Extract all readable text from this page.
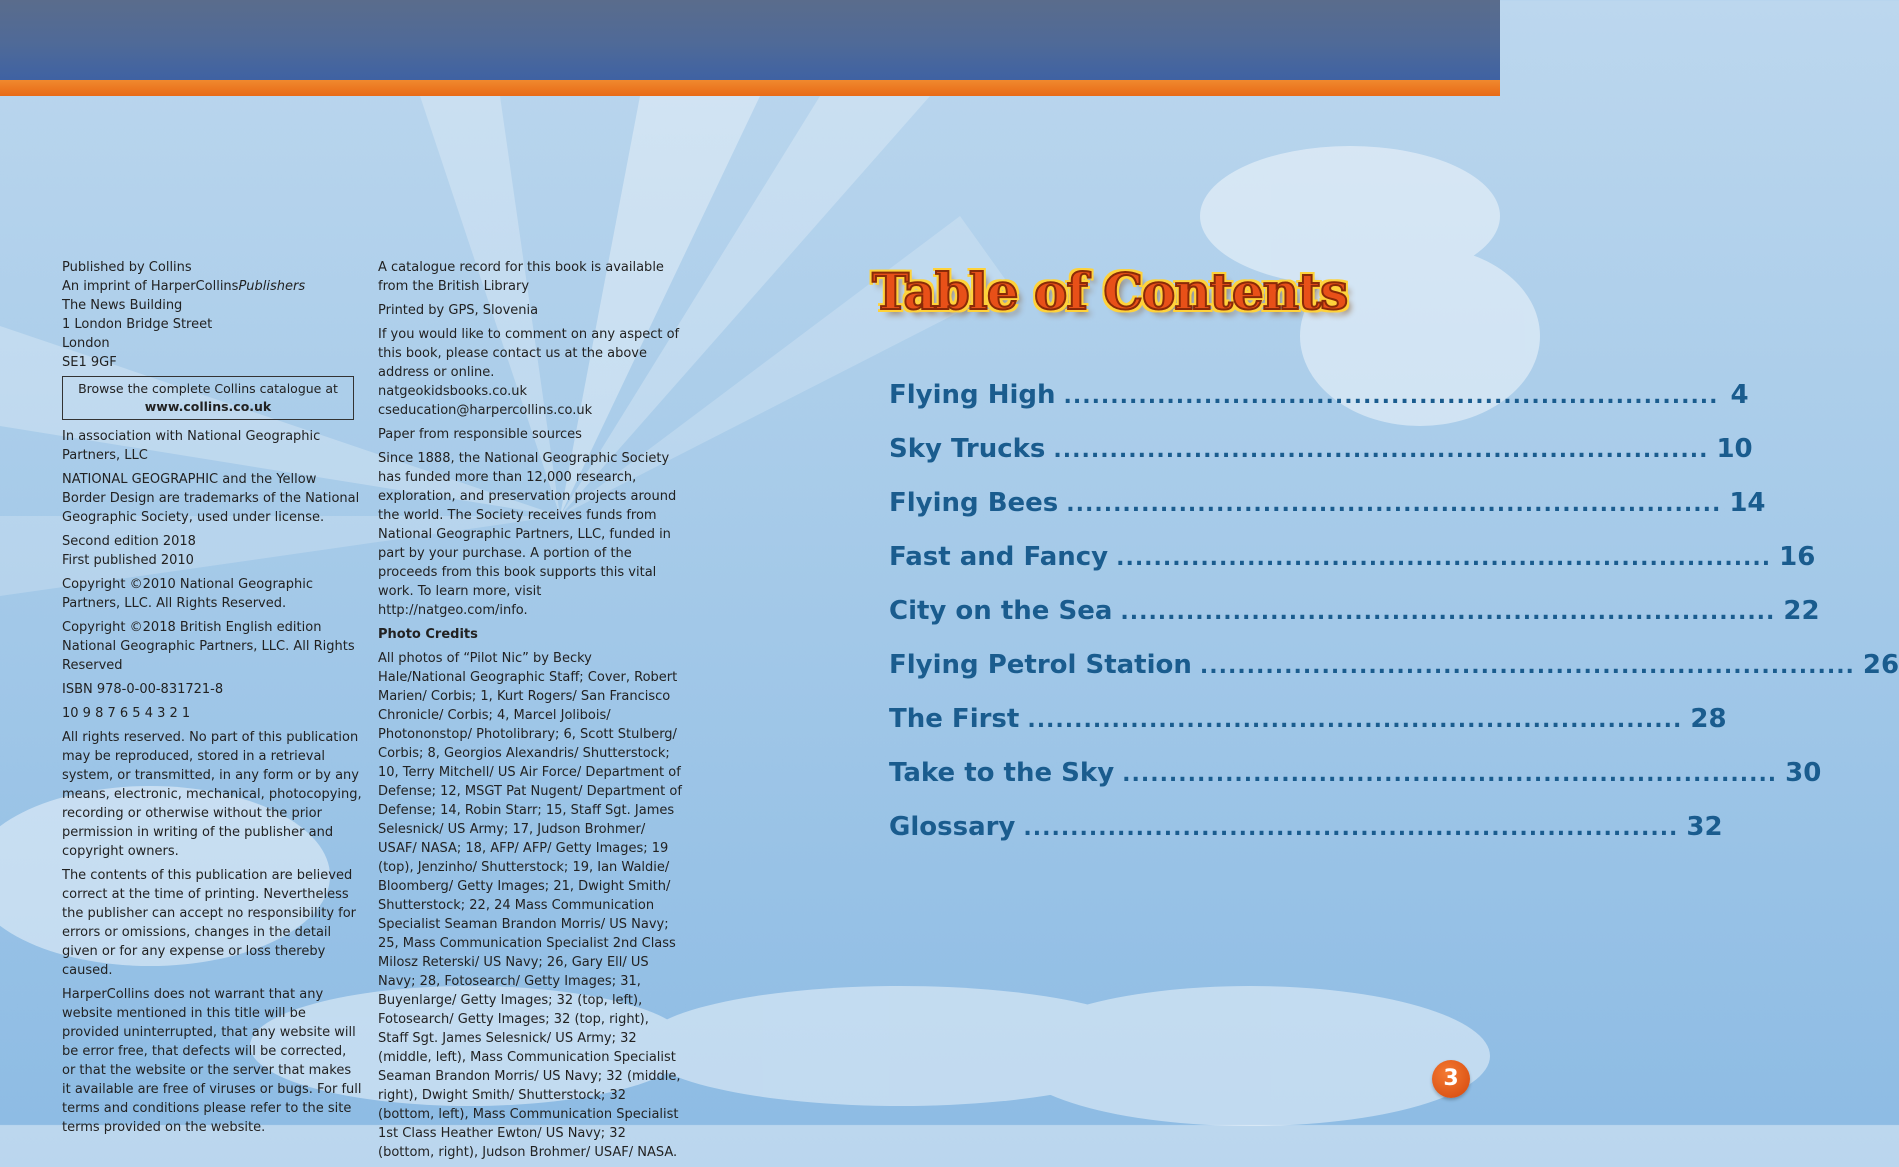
Published by Collins

An imprint of HarperCollinsPublishers

The News Building

1 London Bridge Street

London

SE1 9GF

Browse the complete Collins catalogue at
www.collins.co.uk

In association with National Geographic Partners, LLC

NATIONAL GEOGRAPHIC and the Yellow Border Design are trademarks of the National Geographic Society, used under license.

Second edition 2018
First published 2010

Copyright ©2010 National Geographic Partners, LLC. All Rights Reserved.

Copyright ©2018 British English edition National Geographic Partners, LLC. All Rights Reserved

ISBN 978-0-00-831721-8

10 9 8 7 6 5 4 3 2 1

All rights reserved. No part of this publication may be reproduced, stored in a retrieval system, or transmitted, in any form or by any means, electronic, mechanical, photocopying, recording or otherwise without the prior permission in writing of the publisher and copyright owners.

The contents of this publication are believed correct at the time of printing. Nevertheless the publisher can accept no responsibility for errors or omissions, changes in the detail given or for any expense or loss thereby caused.

HarperCollins does not warrant that any website mentioned in this title will be provided uninterrupted, that any website will be error free, that defects will be corrected, or that the website or the server that makes it available are free of viruses or bugs. For full terms and conditions please refer to the site terms provided on the website.

A catalogue record for this book is available from the British Library

Printed by GPS, Slovenia

If you would like to comment on any aspect of this book, please contact us at the above address or online.

natgeokidsbooks.co.uk

cseducation@harpercollins.co.uk

Paper from responsible sources

Since 1888, the National Geographic Society has funded more than 12,000 research, exploration, and preservation projects around the world. The Society receives funds from National Geographic Partners, LLC, funded in part by your purchase. A portion of the proceeds from this book supports this vital work. To learn more, visit http://natgeo.com/info.

Photo Credits

All photos of “Pilot Nic” by Becky Hale/National Geographic Staff; Cover, Robert Marien/ Corbis; 1, Kurt Rogers/ San Francisco Chronicle/ Corbis; 4, Marcel Jolibois/ Photononstop/ Photolibrary; 6, Scott Stulberg/ Corbis; 8, Georgios Alexandris/ Shutterstock; 10, Terry Mitchell/ US Air Force/ Department of Defense; 12, MSGT Pat Nugent/ Department of Defense; 14, Robin Starr; 15, Staff Sgt. James Selesnick/ US Army; 17, Judson Brohmer/ USAF/ NASA; 18, AFP/ AFP/ Getty Images; 19 (top), Jenzinho/ Shutterstock; 19, Ian Waldie/ Bloomberg/ Getty Images; 21, Dwight Smith/ Shutterstock; 22, 24 Mass Communication Specialist Seaman Brandon Morris/ US Navy; 25, Mass Communication Specialist 2nd Class Milosz Reterski/ US Navy; 26, Gary Ell/ US Navy; 28, Fotosearch/ Getty Images; 31, Buyenlarge/ Getty Images; 32 (top, left), Fotosearch/ Getty Images; 32 (top, right), Staff Sgt. James Selesnick/ US Army; 32 (middle, left), Mass Communication Specialist Seaman Brandon Morris/ US Navy; 32 (middle, right), Dwight Smith/ Shutterstock; 32 (bottom, left), Mass Communication Specialist 1st Class Heather Ewton/ US Navy; 32 (bottom, right), Judson Brohmer/ USAF/ NASA.

Table of Contents
Flying High ...................................................................... 4
Sky Trucks ...................................................................... 10
Flying Bees ...................................................................... 14
Fast and Fancy ...................................................................... 16
City on the Sea ...................................................................... 22
Flying Petrol Station ...................................................................... 26
The First ...................................................................... 28
Take to the Sky ...................................................................... 30
Glossary ...................................................................... 32
3
